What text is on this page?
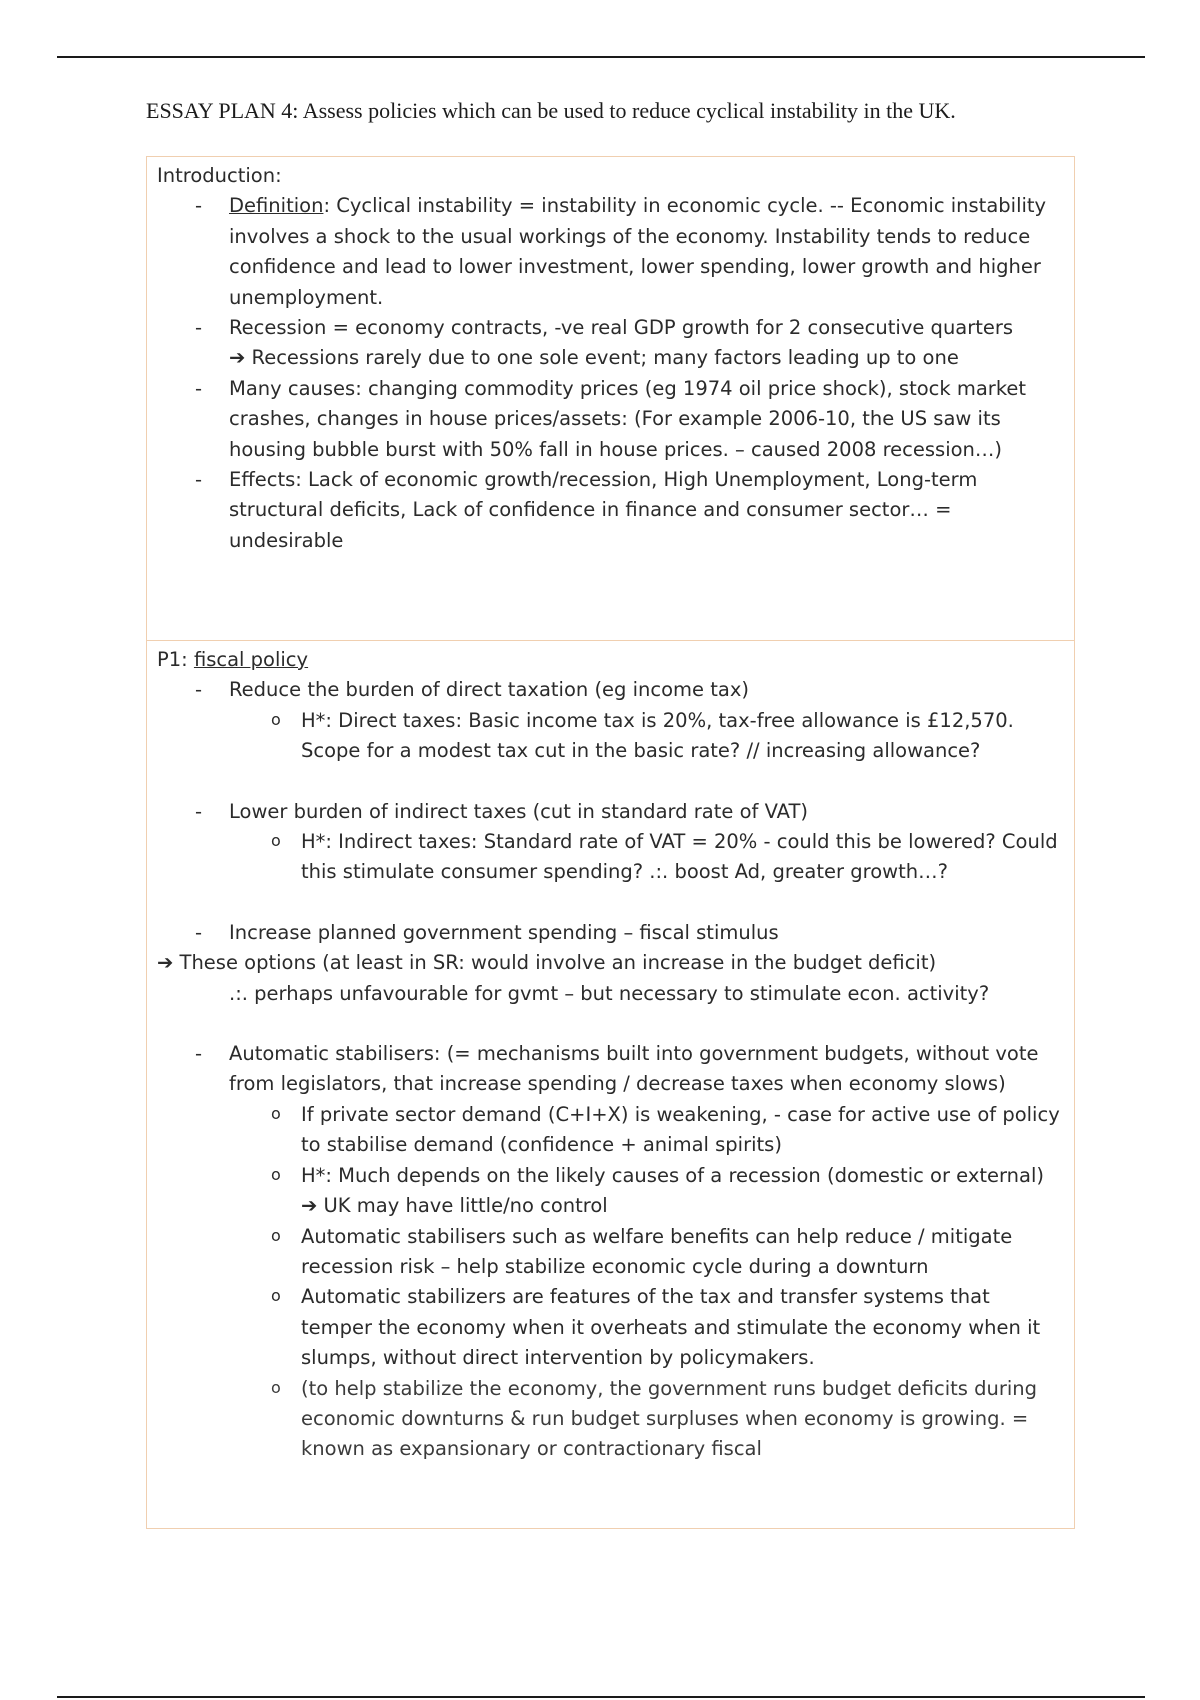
ESSAY PLAN 4: Assess policies which can be used to reduce cyclical instability in the UK.
Introduction:
- Definition: Cyclical instability = instability in economic cycle. -- Economic instability involves a shock to the usual workings of the economy. Instability tends to reduce confidence and lead to lower investment, lower spending, lower growth and higher unemployment.
- Recession = economy contracts, -ve real GDP growth for 2 consecutive quarters
➔ Recessions rarely due to one sole event; many factors leading up to one
- Many causes: changing commodity prices (eg 1974 oil price shock), stock market crashes, changes in house prices/assets: (For example 2006-10, the US saw its housing bubble burst with 50% fall in house prices. – caused 2008 recession…)
- Effects: Lack of economic growth/recession, High Unemployment, Long-term structural deficits, Lack of confidence in finance and consumer sector… = undesirable
P1: fiscal policy
- Reduce the burden of direct taxation (eg income tax)
o H*: Direct taxes: Basic income tax is 20%, tax-free allowance is £12,570. Scope for a modest tax cut in the basic rate? // increasing allowance?
- Lower burden of indirect taxes (cut in standard rate of VAT)
o H*: Indirect taxes: Standard rate of VAT = 20% - could this be lowered? Could this stimulate consumer spending? .:. boost Ad, greater growth…?
- Increase planned government spending – fiscal stimulus
➔ These options (at least in SR: would involve an increase in the budget deficit)
.:. perhaps unfavourable for gvmt – but necessary to stimulate econ. activity?
- Automatic stabilisers: (= mechanisms built into government budgets, without vote from legislators, that increase spending / decrease taxes when economy slows)
o If private sector demand (C+I+X) is weakening, - case for active use of policy to stabilise demand (confidence + animal spirits)
o H*: Much depends on the likely causes of a recession (domestic or external) ➔ UK may have little/no control
o Automatic stabilisers such as welfare benefits can help reduce / mitigate recession risk – help stabilize economic cycle during a downturn
o Automatic stabilizers are features of the tax and transfer systems that temper the economy when it overheats and stimulate the economy when it slumps, without direct intervention by policymakers.
o (to help stabilize the economy, the government runs budget deficits during economic downturns & run budget surpluses when economy is growing. = known as expansionary or contractionary fiscal
